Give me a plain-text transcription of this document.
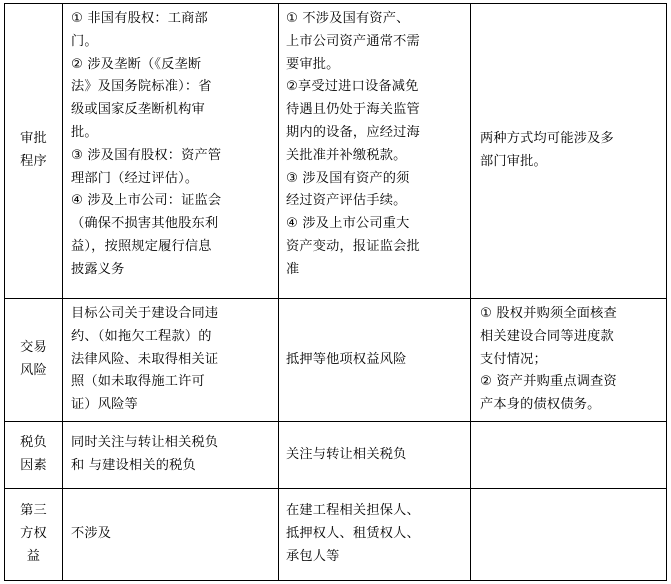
审批
程序
① 非国有股权：工商部
门。
② 涉及垄断（《反垄断
法》及国务院标准）：省
级或国家反垄断机构审
批。
③ 涉及国有股权：资产管
理部门（经过评估）。
④ 涉及上市公司：证监会
（确保不损害其他股东利
益），按照规定履行信息
披露义务
① 不涉及国有资产、
上市公司资产通常不需
要审批。
②享受过进口设备减免
待遇且仍处于海关监管
期内的设备，应经过海
关批准并补缴税款。
③ 涉及国有资产的须
经过资产评估手续。
④ 涉及上市公司重大
资产变动，报证监会批
准
两种方式均可能涉及多
部门审批。
交易
风险
目标公司关于建设合同违
约、（如拖欠工程款）的
法律风险、未取得相关证
照（如未取得施工许可
证）风险等
抵押等他项权益风险
① 股权并购须全面核查
相关建设合同等进度款
支付情况；
② 资产并购重点调查资
产本身的债权债务。
税负
因素
同时关注与转让相关税负
和 与建设相关的税负
关注与转让相关税负
第三
方权
益
不涉及
在建工程相关担保人、
抵押权人、租赁权人、
承包人等
